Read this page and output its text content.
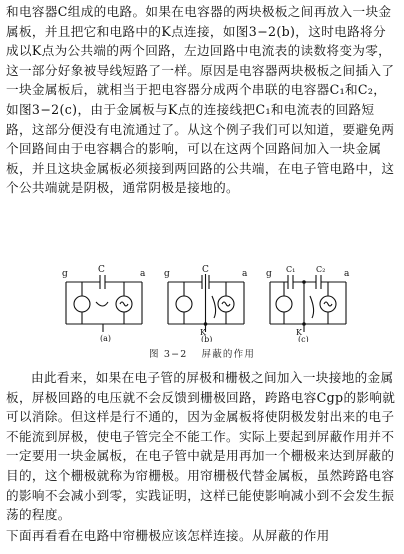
和电容器C组成的电路。如果在电容器的两块极板之间再放入一块金属板，并且把它和电路中的K点连接，如图3−2(b)，这时电路将分成以K点为公共端的两个回路，左边回路中电流表的读数将变为零，这一部分好象被导线短路了一样。原因是电容器两块极板之间插入了一块金属板后，就相当于把电容器分成两个串联的电容器C₁和C₂，如图3−2(c)，由于金属板与K点的连接线把C₁和电流表的回路短路，这部分便没有电流通过了。从这个例子我们可以知道，要避免两个回路间由于电容耦合的影响，可以在这两个回路间加入一块金属板，并且这块金属板必须接到两回路的公共端，在电子管电路中，这个公共端就是阴极，通常阴极是接地的。

g	C	a
(a)
g	C	a
K
(b)
g C₁	C₂ a
K
(c)
图 3−2 屏蔽的作用

由此看来，如果在电子管的屏极和栅极之间加入一块接地的金属板，屏极回路的电压就不会反馈到栅极回路，跨路电容Cgp的影响就可以消除。但这样是行不通的，因为金属板将使阴极发射出来的电子不能流到屏极，使电子管完全不能工作。实际上要起到屏蔽作用并不一定要用一块金属板，在电子管中就是用再加一个栅极来达到屏蔽的目的，这个栅极就称为帘栅极。用帘栅极代替金属板，虽然跨路电容的影响不会减小到零，实践证明，这样已能使影响减小到不会发生振荡的程度。

下面再看看在电路中帘栅极应该怎样连接。从屏蔽的作用
